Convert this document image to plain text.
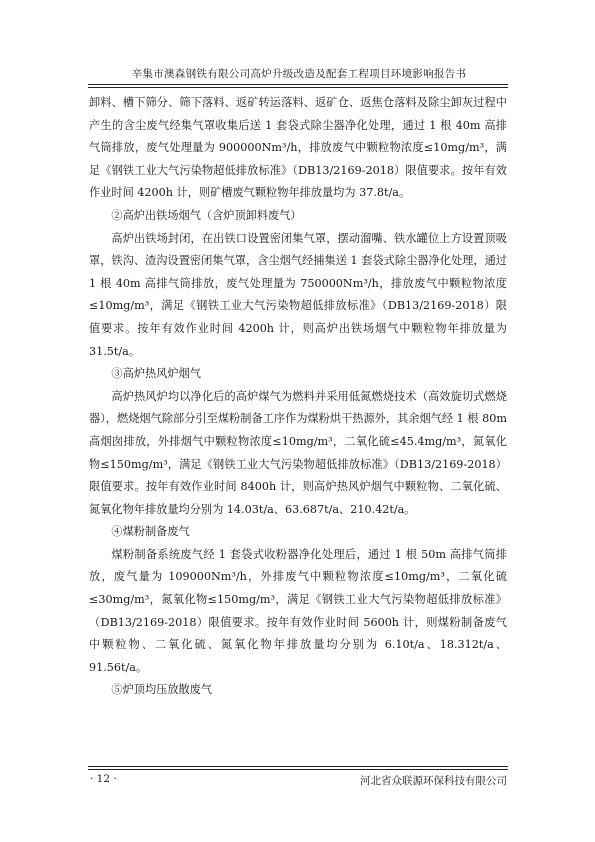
辛集市澳森钢铁有限公司高炉升级改造及配套工程项目环境影响报告书

卸料、槽下筛分、筛下落料、返矿转运落料、返矿仓、返焦仓落料及除尘卸灰过程中产生的含尘废气经集气罩收集后送 1 套袋式除尘器净化处理，通过 1 根 40m 高排气筒排放，废气处理量为 900000Nm³/h，排放废气中颗粒物浓度≤10mg/m³，满足《钢铁工业大气污染物超低排放标准》（DB13/2169-2018）限值要求。按年有效作业时间 4200h 计，则矿槽废气颗粒物年排放量均为 37.8t/a。

②高炉出铁场烟气（含炉顶卸料废气）

高炉出铁场封闭，在出铁口设置密闭集气罩，摆动溜嘴、铁水罐位上方设置顶吸罩，铁沟、渣沟设置密闭集气罩，含尘烟气经捕集送 1 套袋式除尘器净化处理，通过 1 根 40m 高排气筒排放，废气处理量为 750000Nm³/h，排放废气中颗粒物浓度≤10mg/m³，满足《钢铁工业大气污染物超低排放标准》（DB13/2169-2018）限值要求。按年有效作业时间 4200h 计，则高炉出铁场烟气中颗粒物年排放量为 31.5t/a。

③高炉热风炉烟气

高炉热风炉均以净化后的高炉煤气为燃料并采用低氮燃烧技术（高效旋切式燃烧器），燃烧烟气除部分引至煤粉制备工序作为煤粉烘干热源外，其余烟气经 1 根 80m 高烟囱排放，外排烟气中颗粒物浓度≤10mg/m³，二氧化硫≤45.4mg/m³，氮氧化物≤150mg/m³，满足《钢铁工业大气污染物超低排放标准》（DB13/2169-2018）限值要求。按年有效作业时间 8400h 计，则高炉热风炉烟气中颗粒物、二氧化硫、氮氧化物年排放量均分别为 14.03t/a、63.687t/a、210.42t/a。

④煤粉制备废气

煤粉制备系统废气经 1 套袋式收粉器净化处理后，通过 1 根 50m 高排气筒排放，废气量为 109000Nm³/h，外排废气中颗粒物浓度≤10mg/m³，二氧化硫≤30mg/m³，氮氧化物≤150mg/m³，满足《钢铁工业大气污染物超低排放标准》（DB13/2169-2018）限值要求。按年有效作业时间 5600h 计，则煤粉制备废气中颗粒物、二氧化硫、氮氧化物年排放量均分别为 6.10t/a、18.312t/a、91.56t/a。

⑤炉顶均压放散废气

· 12 ·	河北省众联源环保科技有限公司
